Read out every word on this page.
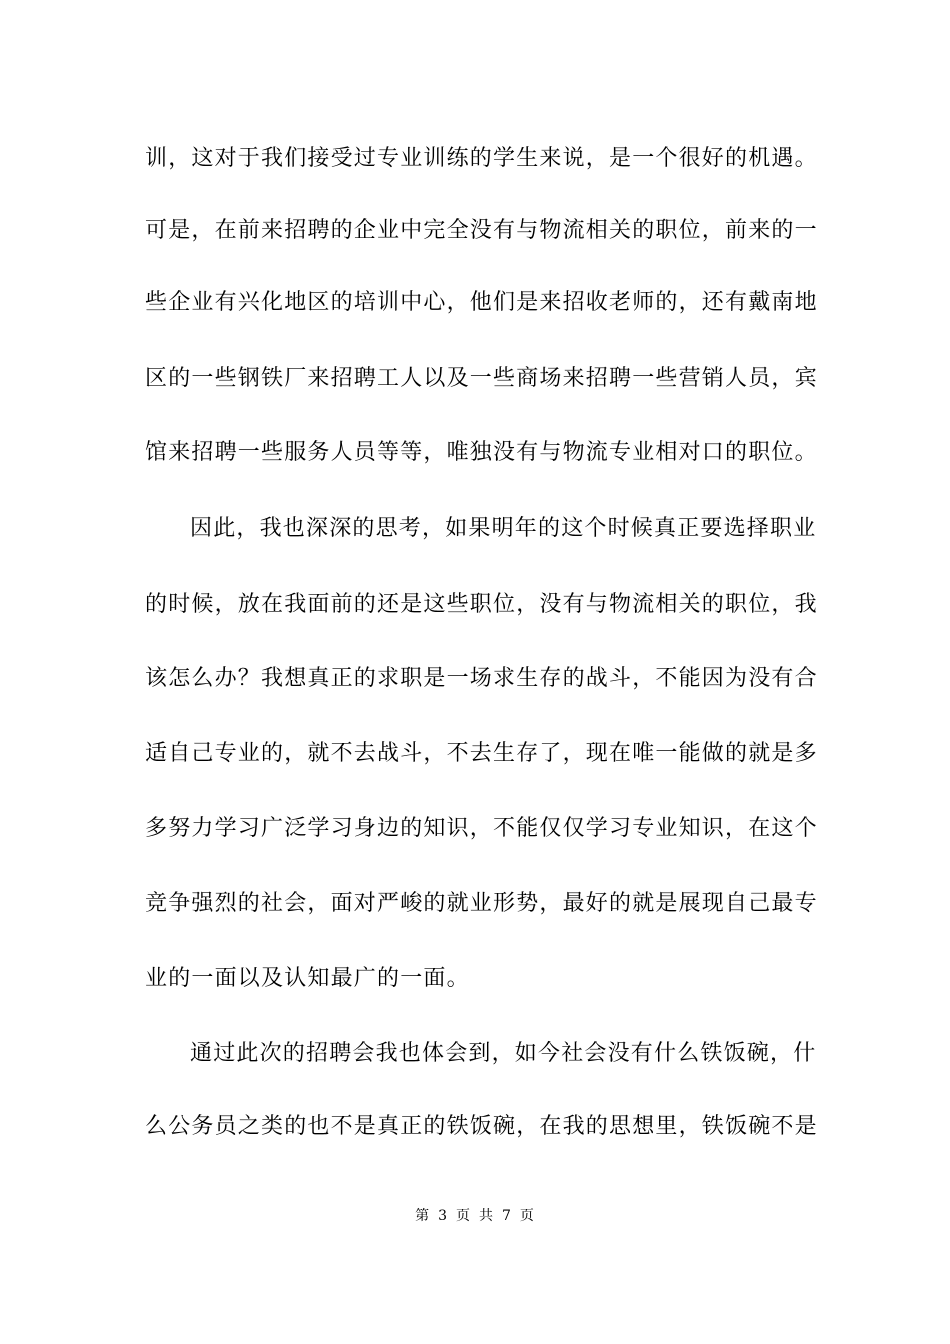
训，这对于我们接受过专业训练的学生来说，是一个很好的机遇。
可是，在前来招聘的企业中完全没有与物流相关的职位，前来的一
些企业有兴化地区的培训中心，他们是来招收老师的，还有戴南地
区的一些钢铁厂来招聘工人以及一些商场来招聘一些营销人员，宾
馆来招聘一些服务人员等等，唯独没有与物流专业相对口的职位。
因此，我也深深的思考，如果明年的这个时候真正要选择职业
的时候，放在我面前的还是这些职位，没有与物流相关的职位，我
该怎么办？我想真正的求职是一场求生存的战斗，不能因为没有合
适自己专业的，就不去战斗，不去生存了，现在唯一能做的就是多
多努力学习广泛学习身边的知识，不能仅仅学习专业知识，在这个
竞争强烈的社会，面对严峻的就业形势，最好的就是展现自己最专
业的一面以及认知最广的一面。
通过此次的招聘会我也体会到，如今社会没有什么铁饭碗，什
么公务员之类的也不是真正的铁饭碗，在我的思想里，铁饭碗不是
第 3 页 共 7 页
